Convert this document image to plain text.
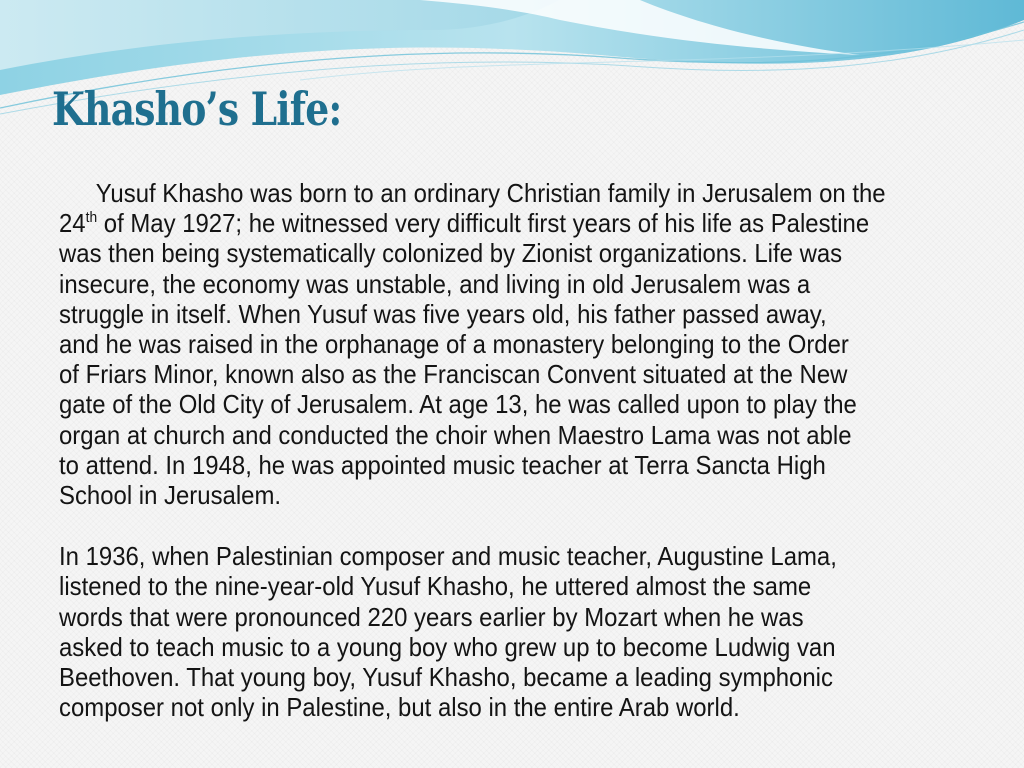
Khasho’s Life:

Yusuf Khasho was born to an ordinary Christian family in Jerusalem on the
24th of May 1927; he witnessed very difficult first years of his life as Palestine
was then being systematically colonized by Zionist organizations. Life was
insecure, the economy was unstable, and living in old Jerusalem was a
struggle in itself. When Yusuf was five years old, his father passed away,
and he was raised in the orphanage of a monastery belonging to the Order
of Friars Minor, known also as the Franciscan Convent situated at the New
gate of the Old City of Jerusalem. At age 13, he was called upon to play the
organ at church and conducted the choir when Maestro Lama was not able
to attend. In 1948, he was appointed music teacher at Terra Sancta High
School in Jerusalem.

In 1936, when Palestinian composer and music teacher, Augustine Lama,
listened to the nine-year-old Yusuf Khasho, he uttered almost the same
words that were pronounced 220 years earlier by Mozart when he was
asked to teach music to a young boy who grew up to become Ludwig van
Beethoven. That young boy, Yusuf Khasho, became a leading symphonic
composer not only in Palestine, but also in the entire Arab world.
